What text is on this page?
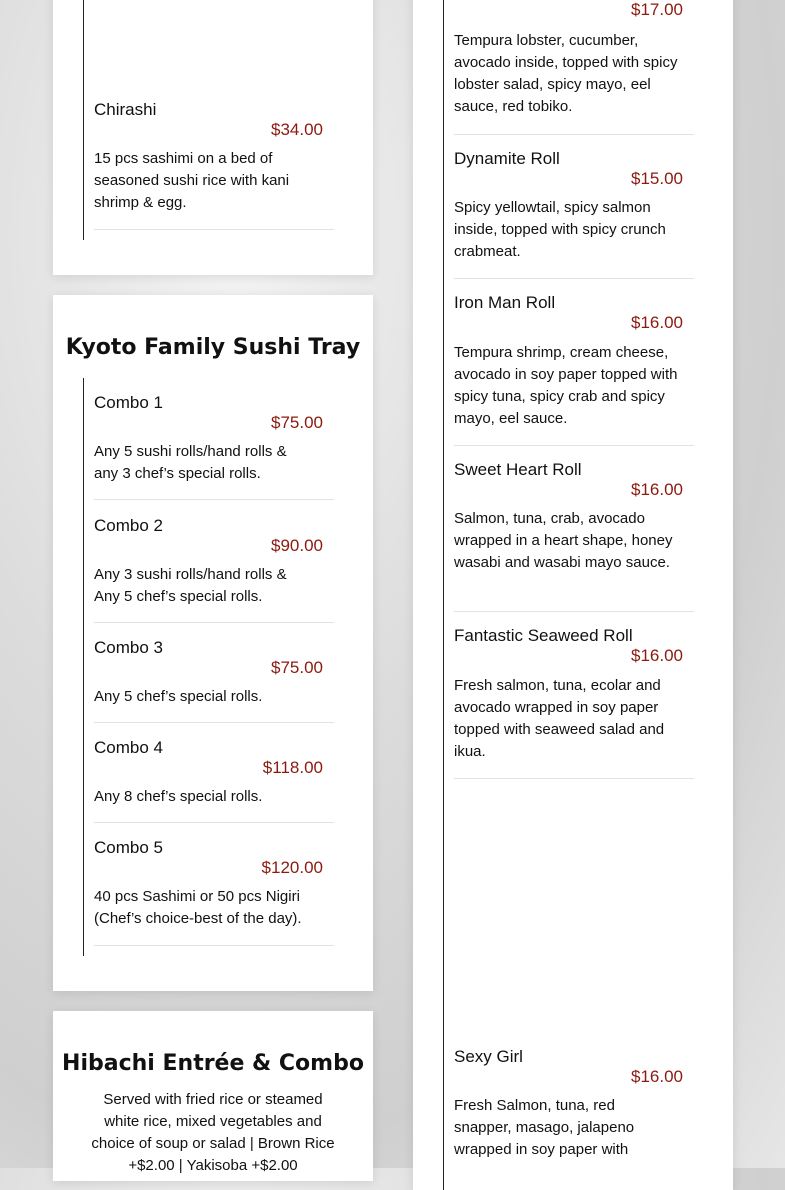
Chirashi
$34.00
15 pcs sashimi on a bed of seasoned sushi rice with kani shrimp & egg.
Kyoto Family Sushi Tray
Combo 1
$75.00
Any 5 sushi rolls/hand rolls & any 3 chef’s special rolls.
Combo 2
$90.00
Any 3 sushi rolls/hand rolls & Any 5 chef’s special rolls.
Combo 3
$75.00
Any 5 chef’s special rolls.
Combo 4
$118.00
Any 8 chef’s special rolls.
Combo 5
$120.00
40 pcs Sashimi or 50 pcs Nigiri (Chef’s choice-best of the day).
Hibachi Entrée & Combo
Served with fried rice or steamed white rice, mixed vegetables and choice of soup or salad | Brown Rice +$2.00 | Yakisoba +$2.00
$17.00
Tempura lobster, cucumber, avocado inside, topped with spicy lobster salad, spicy mayo, eel sauce, red tobiko.
Dynamite Roll
$15.00
Spicy yellowtail, spicy salmon inside, topped with spicy crunch crabmeat.
Iron Man Roll
$16.00
Tempura shrimp, cream cheese, avocado in soy paper topped with spicy tuna, spicy crab and spicy mayo, eel sauce.
Sweet Heart Roll
$16.00
Salmon, tuna, crab, avocado wrapped in a heart shape, honey wasabi and wasabi mayo sauce.
Fantastic Seaweed Roll
$16.00
Fresh salmon, tuna, ecolar and avocado wrapped in soy paper topped with seaweed salad and ikua.
Sexy Girl
$16.00
Fresh Salmon, tuna, red snapper, masago, jalapeno wrapped in soy paper with
